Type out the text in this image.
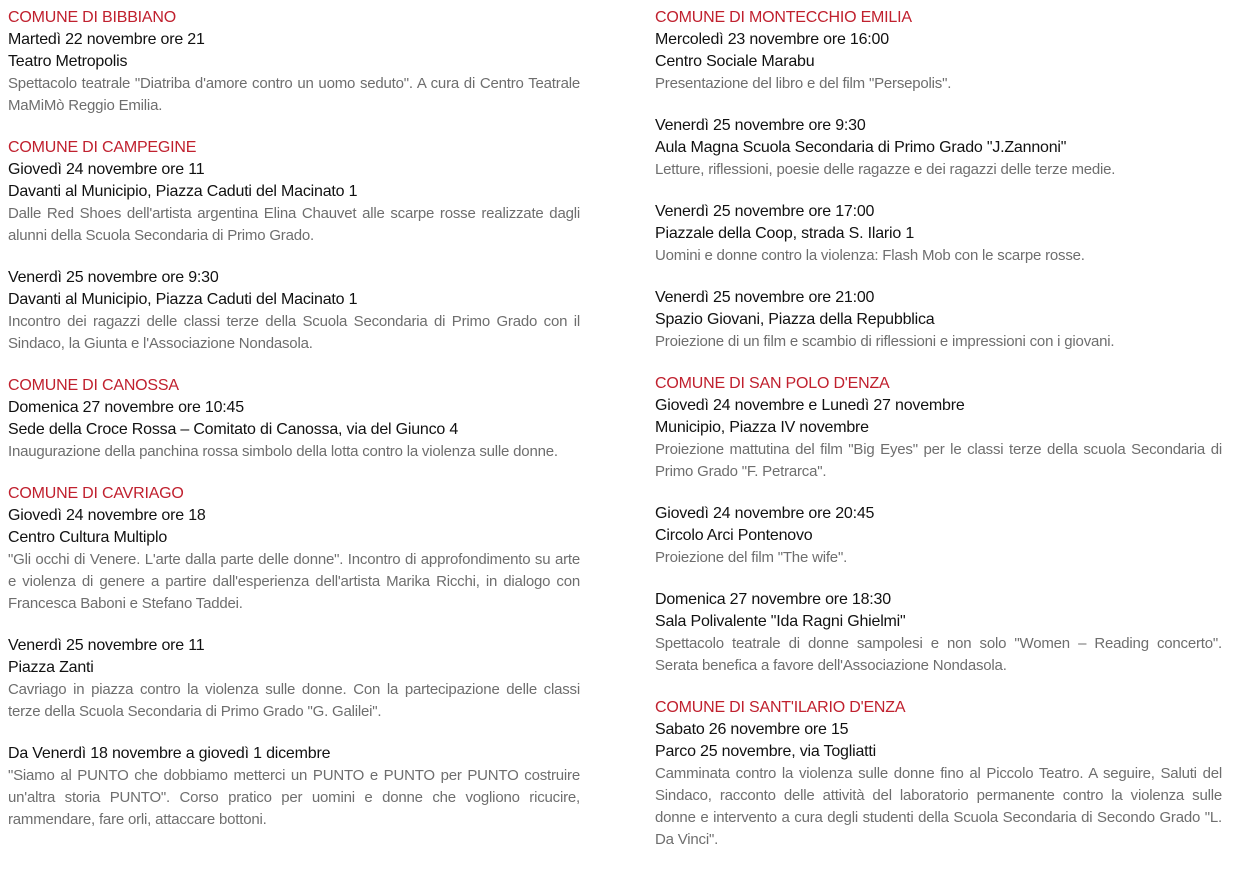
COMUNE DI BIBBIANO
Martedì 22 novembre ore 21
Teatro Metropolis
Spettacolo teatrale "Diatriba d'amore contro un uomo seduto". A cura di Centro Teatrale MaMiMò Reggio Emilia.
COMUNE DI CAMPEGINE
Giovedì 24 novembre ore 11
Davanti al Municipio, Piazza Caduti del Macinato 1
Dalle Red Shoes dell'artista argentina Elina Chauvet alle scarpe rosse realizzate dagli alunni della Scuola Secondaria di Primo Grado.
Venerdì 25 novembre ore 9:30
Davanti al Municipio, Piazza Caduti del Macinato 1
Incontro dei ragazzi delle classi terze della Scuola Secondaria di Primo Grado con il Sindaco, la Giunta e l'Associazione Nondasola.
COMUNE DI CANOSSA
Domenica 27 novembre ore 10:45
Sede della Croce Rossa – Comitato di Canossa, via del Giunco 4
Inaugurazione della panchina rossa simbolo della lotta contro la violenza sulle donne.
COMUNE DI CAVRIAGO
Giovedì 24 novembre ore 18
Centro Cultura Multiplo
"Gli occhi di Venere. L'arte dalla parte delle donne". Incontro di approfondimento su arte e violenza di genere a partire dall'esperienza dell'artista Marika Ricchi, in dialogo con Francesca Baboni e Stefano Taddei.
Venerdì 25 novembre ore 11
Piazza Zanti
Cavriago in piazza contro la violenza sulle donne. Con la partecipazione delle classi terze della Scuola Secondaria di Primo Grado "G. Galilei".
Da Venerdì 18 novembre a giovedì 1 dicembre
"Siamo al PUNTO che dobbiamo metterci un PUNTO e PUNTO per PUNTO costruire un'altra storia PUNTO". Corso pratico per uomini e donne che vogliono ricucire, rammendare, fare orli, attaccare bottoni.
COMUNE DI MONTECCHIO EMILIA
Mercoledì 23 novembre ore 16:00
Centro Sociale Marabu
Presentazione del libro e del film "Persepolis".
Venerdì 25 novembre ore 9:30
Aula Magna Scuola Secondaria di Primo Grado "J.Zannoni"
Letture, riflessioni, poesie delle ragazze e dei ragazzi delle terze medie.
Venerdì 25 novembre ore 17:00
Piazzale della Coop, strada S. Ilario 1
Uomini e donne contro la violenza: Flash Mob con le scarpe rosse.
Venerdì 25 novembre ore 21:00
Spazio Giovani, Piazza della Repubblica
Proiezione di un film e scambio di riflessioni e impressioni con i giovani.
COMUNE DI SAN POLO D'ENZA
Giovedì 24 novembre e Lunedì 27 novembre
Municipio, Piazza IV novembre
Proiezione mattutina del film "Big Eyes" per le classi terze della scuola Secondaria di Primo Grado "F. Petrarca".
Giovedì 24 novembre ore 20:45
Circolo Arci Pontenovo
Proiezione del film "The wife".
Domenica 27 novembre ore 18:30
Sala Polivalente "Ida Ragni Ghielmi"
Spettacolo teatrale di donne sampolesi e non solo "Women – Reading concerto". Serata benefica a favore dell'Associazione Nondasola.
COMUNE DI SANT'ILARIO D'ENZA
Sabato 26 novembre ore 15
Parco 25 novembre, via Togliatti
Camminata contro la violenza sulle donne fino al Piccolo Teatro. A seguire, Saluti del Sindaco, racconto delle attività del laboratorio permanente contro la violenza sulle donne e intervento a cura degli studenti della Scuola Secondaria di Secondo Grado "L. Da Vinci".
